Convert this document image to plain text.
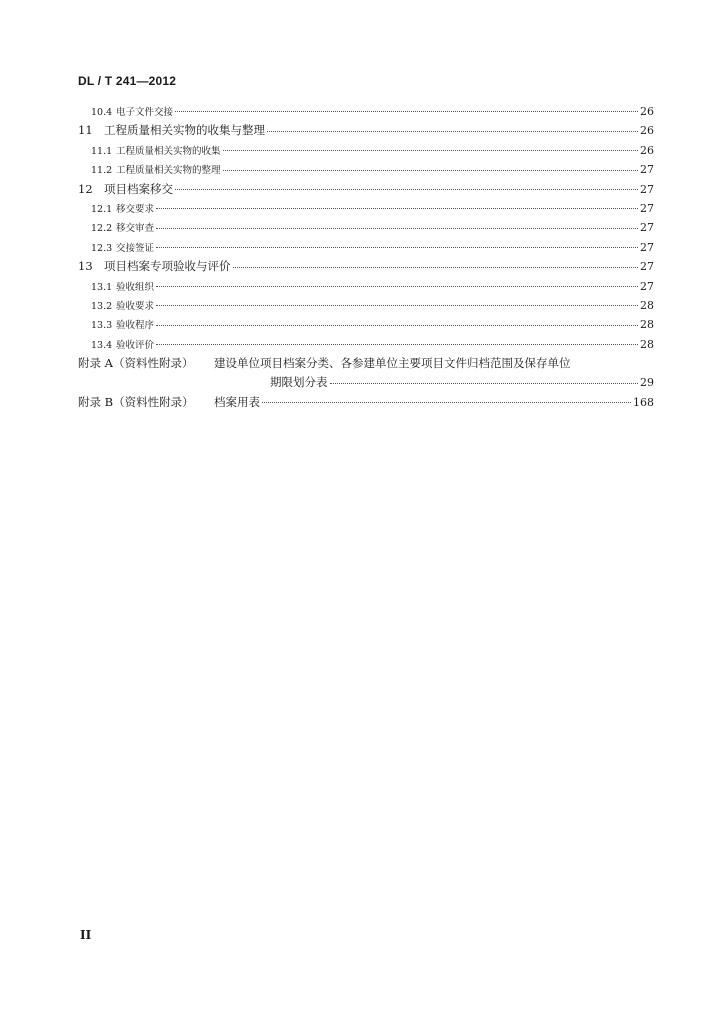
DL / T 241—2012
10.4 电子文件交接	26
11 工程质量相关实物的收集与整理	26
11.1 工程质量相关实物的收集	26
11.2 工程质量相关实物的整理	27
12 项目档案移交	27
12.1 移交要求	27
12.2 移交审查	27
12.3 交接签证	27
13 项目档案专项验收与评价	27
13.1 验收组织	27
13.2 验收要求	28
13.3 验收程序	28
13.4 验收评价	28
附录 A（资料性附录）	建设单位项目档案分类、各参建单位主要项目文件归档范围及保存单位
期限划分表	29
附录 B（资料性附录）	档案用表	168
II
